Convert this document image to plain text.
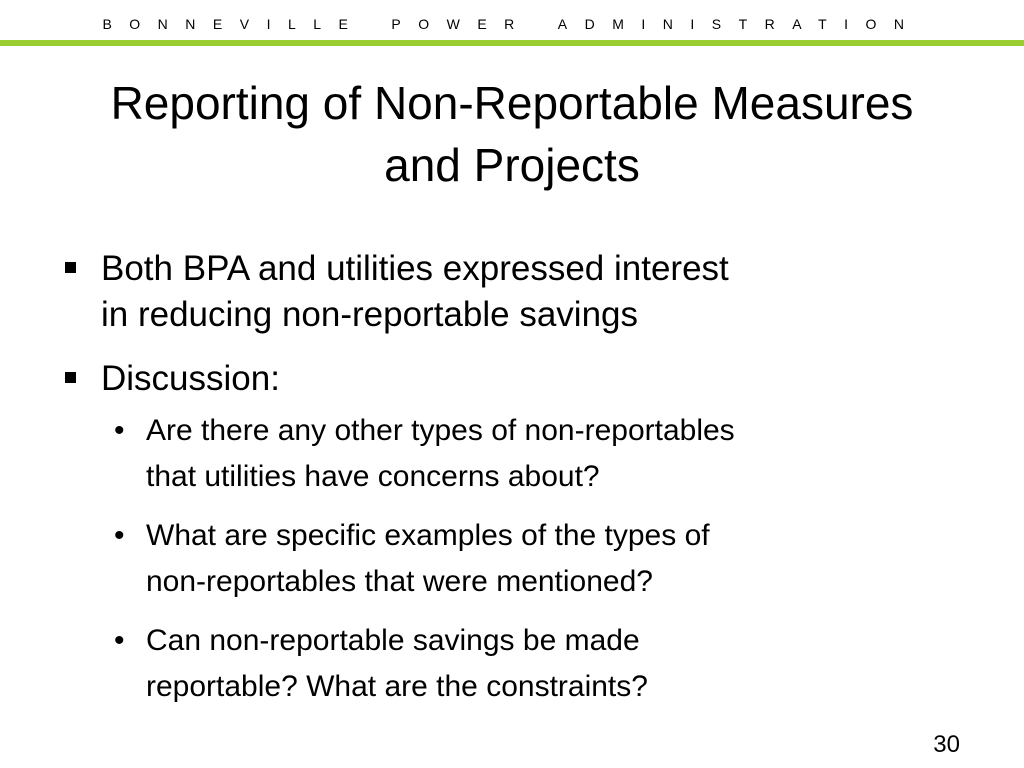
BONNEVILLE POWER ADMINISTRATION
Reporting of Non-Reportable Measures
and Projects
Both BPA and utilities expressed interest
in reducing non-reportable savings
Discussion:
• Are there any other types of non-reportables
that utilities have concerns about?
• What are specific examples of the types of
non-reportables that were mentioned?
• Can non-reportable savings be made
reportable? What are the constraints?
30
